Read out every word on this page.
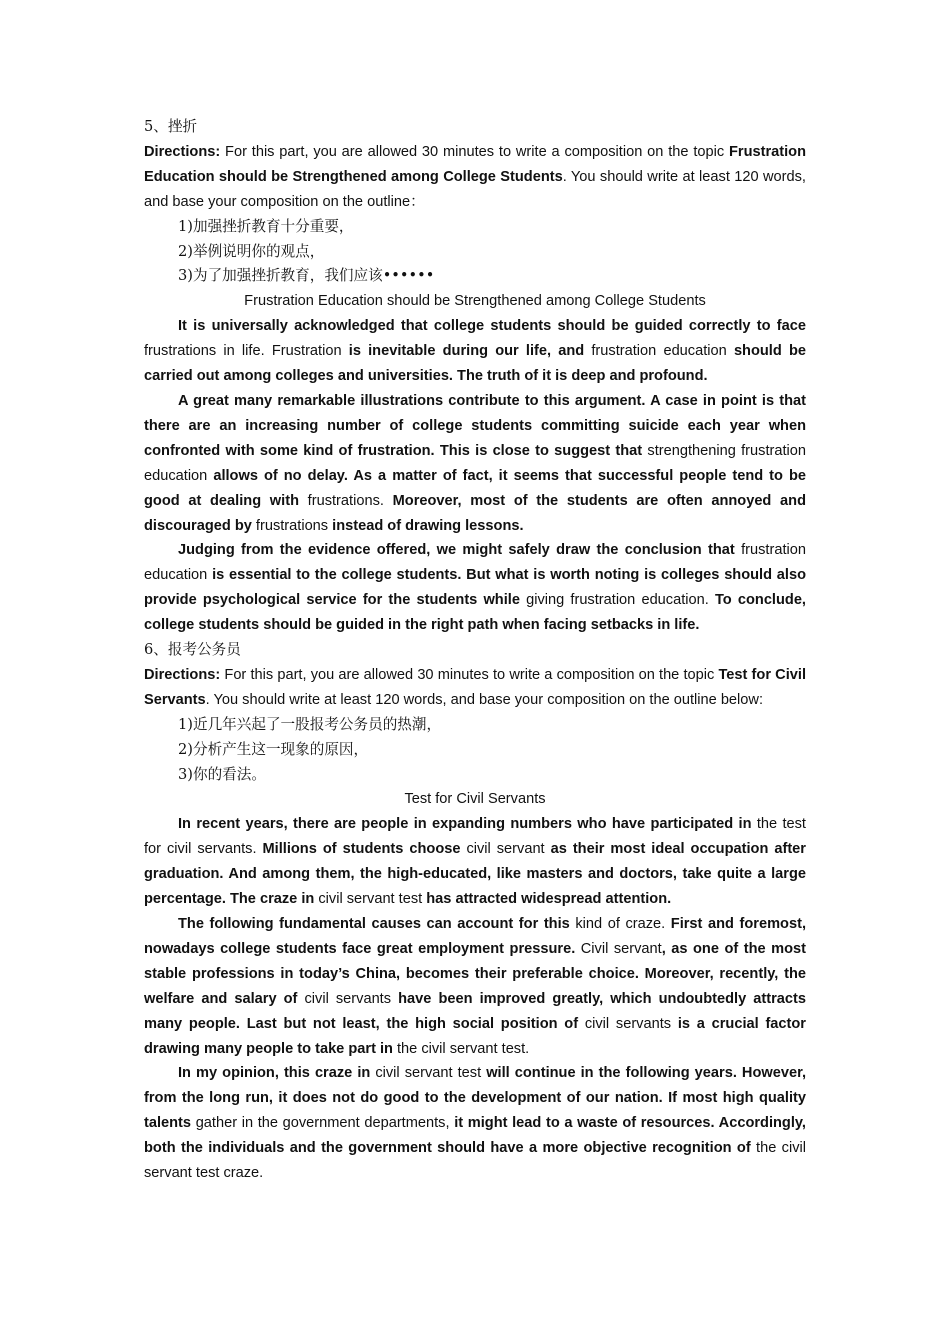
5、挫折

Directions: For this part, you are allowed 30 minutes to write a composition on the topic Frustration Education should be Strengthened among College Students. You should write at least 120 words, and base your composition on the outline：

1)加强挫折教育十分重要，

2)举例说明你的观点，

3)为了加强挫折教育，我们应该••••••

Frustration Education should be Strengthened among College Students

It is universally acknowledged that college students should be guided correctly to face frustrations in life. Frustration is inevitable during our life, and frustration education should be carried out among colleges and universities. The truth of it is deep and profound.

A great many remarkable illustrations contribute to this argument. A case in point is that there are an increasing number of college students committing suicide each year when confronted with some kind of frustration. This is close to suggest that strengthening frustration education allows of no delay. As a matter of fact, it seems that successful people tend to be good at dealing with frustrations. Moreover, most of the students are often annoyed and discouraged by frustrations instead of drawing lessons.

Judging from the evidence offered, we might safely draw the conclusion that frustration education is essential to the college students. But what is worth noting is colleges should also provide psychological service for the students while giving frustration education. To conclude, college students should be guided in the right path when facing setbacks in life.

6、报考公务员

Directions: For this part, you are allowed 30 minutes to write a composition on the topic Test for Civil Servants. You should write at least 120 words, and base your composition on the outline below:

1)近几年兴起了一股报考公务员的热潮，

2)分析产生这一现象的原因，

3)你的看法。

Test for Civil Servants

In recent years, there are people in expanding numbers who have participated in the test for civil servants. Millions of students choose civil servant as their most ideal occupation after graduation. And among them, the high-educated, like masters and doctors, take quite a large percentage. The craze in civil servant test has attracted widespread attention.

The following fundamental causes can account for this kind of craze. First and foremost, nowadays college students face great employment pressure. Civil servant, as one of the most stable professions in today’s China, becomes their preferable choice. Moreover, recently, the welfare and salary of civil servants have been improved greatly, which undoubtedly attracts many people. Last but not least, the high social position of civil servants is a crucial factor drawing many people to take part in the civil servant test.

In my opinion, this craze in civil servant test will continue in the following years. However, from the long run, it does not do good to the development of our nation. If most high quality talents gather in the government departments, it might lead to a waste of resources. Accordingly, both the individuals and the government should have a more objective recognition of the civil servant test craze.
